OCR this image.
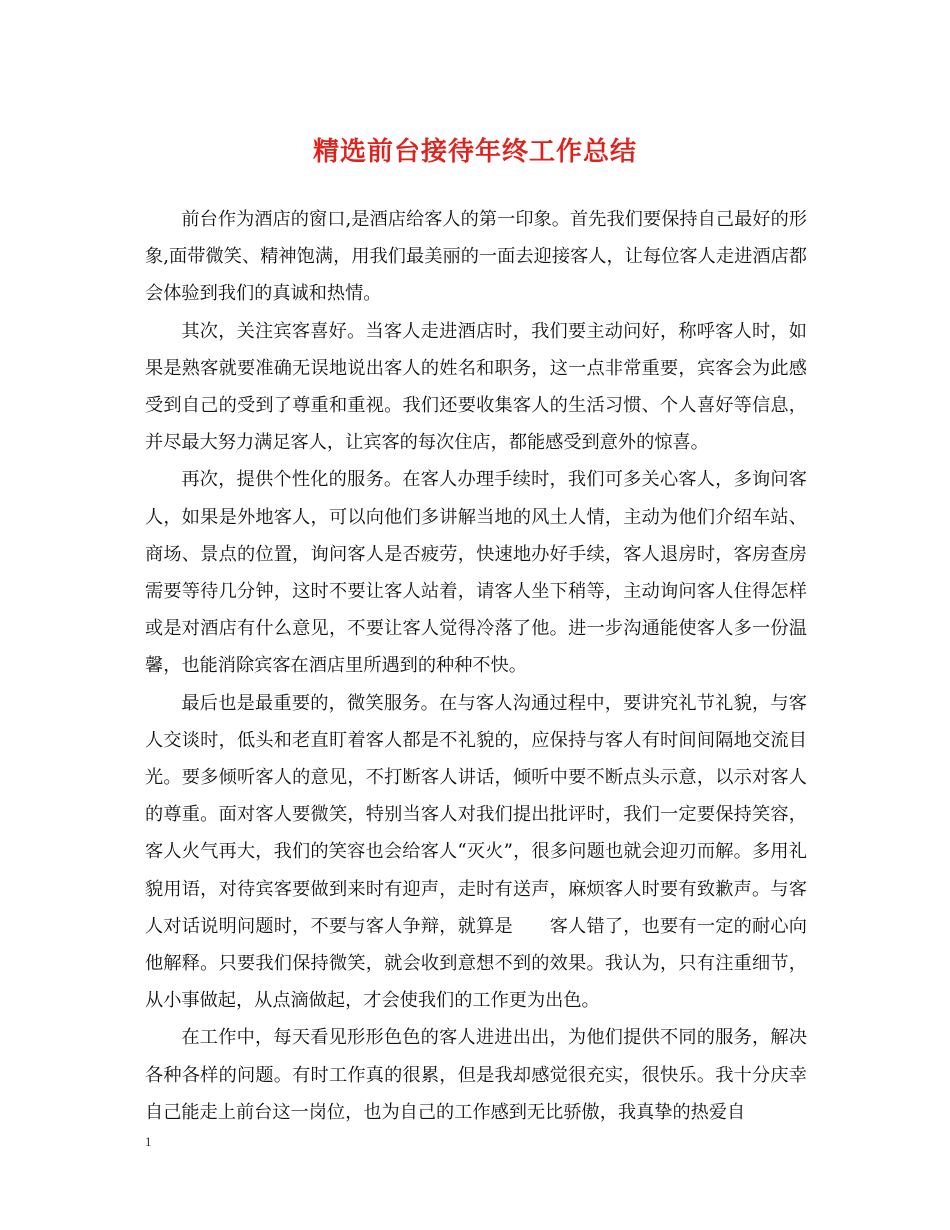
精选前台接待年终工作总结

前台作为酒店的窗口,是酒店给客人的第一印象。首先我们要保持自己最好的形象,面带微笑、精神饱满，用我们最美丽的一面去迎接客人，让每位客人走进酒店都会体验到我们的真诚和热情。

其次，关注宾客喜好。当客人走进酒店时，我们要主动问好，称呼客人时，如果是熟客就要准确无误地说出客人的姓名和职务，这一点非常重要，宾客会为此感受到自己的受到了尊重和重视。我们还要收集客人的生活习惯、个人喜好等信息，并尽最大努力满足客人，让宾客的每次住店，都能感受到意外的惊喜。

再次，提供个性化的服务。在客人办理手续时，我们可多关心客人，多询问客人，如果是外地客人，可以向他们多讲解当地的风土人情，主动为他们介绍车站、商场、景点的位置，询问客人是否疲劳，快速地办好手续，客人退房时，客房查房需要等待几分钟，这时不要让客人站着，请客人坐下稍等，主动询问客人住得怎样或是对酒店有什么意见，不要让客人觉得冷落了他。进一步沟通能使客人多一份温馨，也能消除宾客在酒店里所遇到的种种不快。

最后也是最重要的，微笑服务。在与客人沟通过程中，要讲究礼节礼貌，与客人交谈时，低头和老直盯着客人都是不礼貌的，应保持与客人有时间间隔地交流目光。要多倾听客人的意见，不打断客人讲话，倾听中要不断点头示意，以示对客人的尊重。面对客人要微笑，特别当客人对我们提出批评时，我们一定要保持笑容，客人火气再大，我们的笑容也会给客人“灭火”，很多问题也就会迎刃而解。多用礼貌用语，对待宾客要做到来时有迎声，走时有送声，麻烦客人时要有致歉声。与客人对话说明问题时，不要与客人争辩，就算是　　客人错了，也要有一定的耐心向他解释。只要我们保持微笑，就会收到意想不到的效果。我认为，只有注重细节，从小事做起，从点滴做起，才会使我们的工作更为出色。

在工作中，每天看见形形色色的客人进进出出，为他们提供不同的服务，解决各种各样的问题。有时工作真的很累，但是我却感觉很充实，很快乐。我十分庆幸自己能走上前台这一岗位，也为自己的工作感到无比骄傲，我真挚的热爱自

1
